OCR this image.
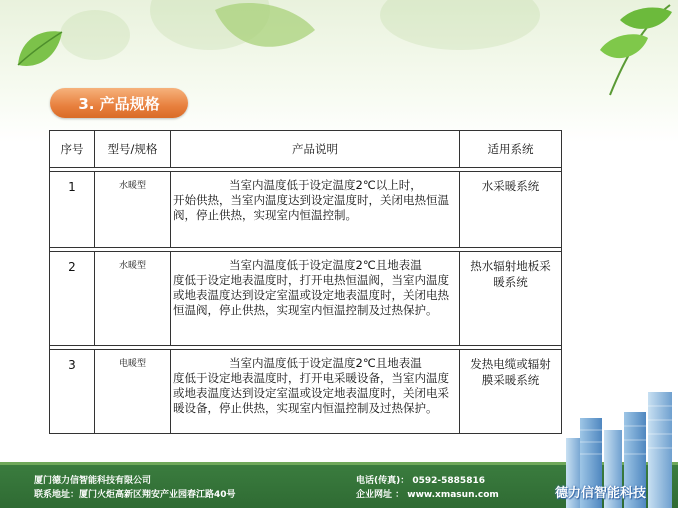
3. 产品规格
序号	型号/规格	产品说明	适用系统

1	水暖型	当室内温度低于设定温度2℃以上时，
开始供热，当室内温度达到设定温度时，关闭电热恒温阀，停止供热，实现室内恒温控制。	水采暖系统

2	水暖型	当室内温度低于设定温度2℃且地表温
度低于设定地表温度时，打开电热恒温阀，当室内温度或地表温度达到设定室温或设定地表温度时，关闭电热恒温阀，停止供热，实现室内恒温控制及过热保护。	热水辐射地板采暖系统

3	电暖型	当室内温度低于设定温度2℃且地表温
度低于设定地表温度时，打开电采暖设备，当室内温度或地表温度达到设定室温或设定地表温度时，关闭电采暖设备，停止供热，实现室内恒温控制及过热保护。	发热电缆或辐射膜采暖系统
厦门德力信智能科技有限公司
联系地址：厦门火炬高新区翔安产业园春江路40号
电话(传真)： 0592-5885816
企业网址 ： www.xmasun.com	德力信智能科技
